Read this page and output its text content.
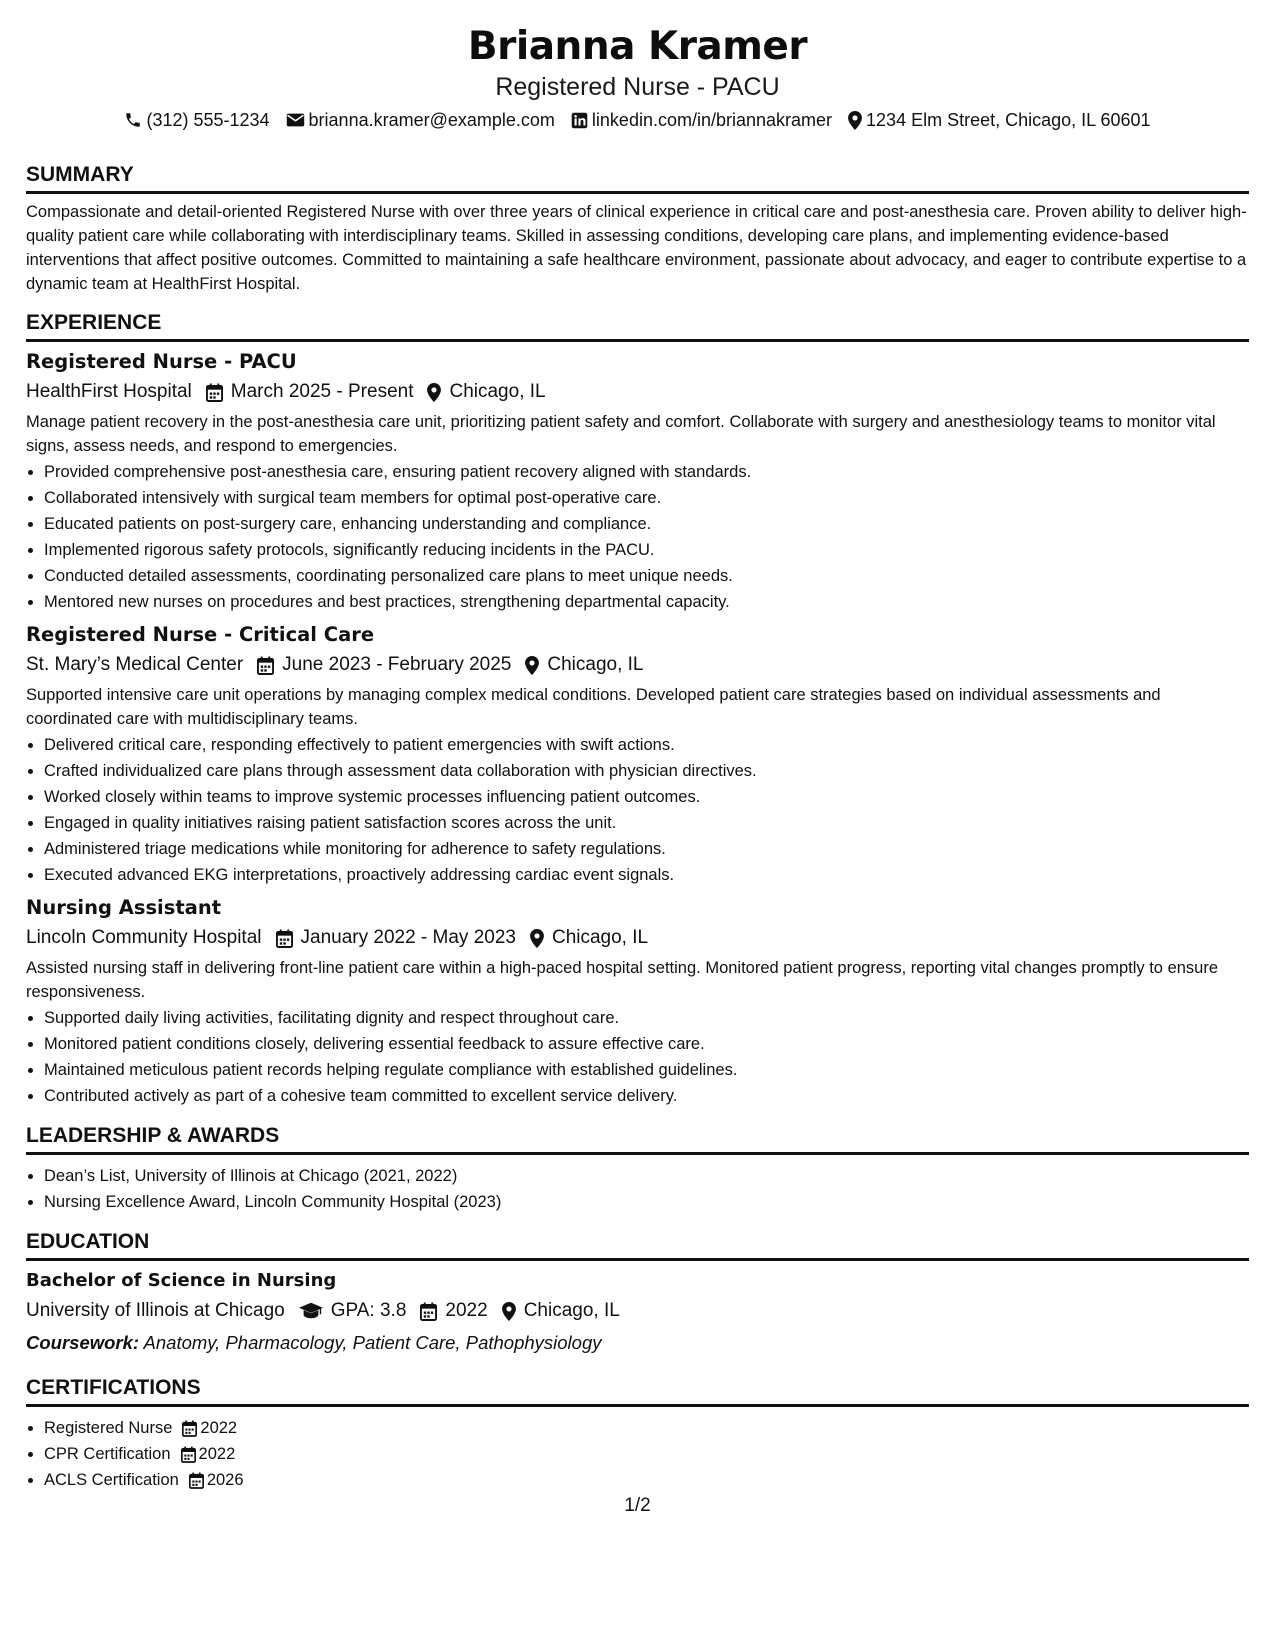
Brianna Kramer
Registered Nurse - PACU
(312) 555-1234 brianna.kramer@example.com linkedin.com/in/briannakramer 1234 Elm Street, Chicago, IL 60601
SUMMARY

Compassionate and detail-oriented Registered Nurse with over three years of clinical experience in critical care and post-anesthesia care. Proven ability to deliver high-quality patient care while collaborating with interdisciplinary teams. Skilled in assessing conditions, developing care plans, and implementing evidence-based interventions that affect positive outcomes. Committed to maintaining a safe healthcare environment, passionate about advocacy, and eager to contribute expertise to a dynamic team at HealthFirst Hospital.

EXPERIENCE
Registered Nurse - PACU
HealthFirst Hospital March 2025 - Present Chicago, IL

Manage patient recovery in the post-anesthesia care unit, prioritizing patient safety and comfort. Collaborate with surgery and anesthesiology teams to monitor vital signs, assess needs, and respond to emergencies.

• Provided comprehensive post-anesthesia care, ensuring patient recovery aligned with standards.
• Collaborated intensively with surgical team members for optimal post-operative care.
• Educated patients on post-surgery care, enhancing understanding and compliance.
• Implemented rigorous safety protocols, significantly reducing incidents in the PACU.
• Conducted detailed assessments, coordinating personalized care plans to meet unique needs.
• Mentored new nurses on procedures and best practices, strengthening departmental capacity.
Registered Nurse - Critical Care
St. Mary’s Medical Center June 2023 - February 2025 Chicago, IL

Supported intensive care unit operations by managing complex medical conditions. Developed patient care strategies based on individual assessments and coordinated care with multidisciplinary teams.

• Delivered critical care, responding effectively to patient emergencies with swift actions.
• Crafted individualized care plans through assessment data collaboration with physician directives.
• Worked closely within teams to improve systemic processes influencing patient outcomes.
• Engaged in quality initiatives raising patient satisfaction scores across the unit.
• Administered triage medications while monitoring for adherence to safety regulations.
• Executed advanced EKG interpretations, proactively addressing cardiac event signals.
Nursing Assistant
Lincoln Community Hospital January 2022 - May 2023 Chicago, IL

Assisted nursing staff in delivering front-line patient care within a high-paced hospital setting. Monitored patient progress, reporting vital changes promptly to ensure responsiveness.

• Supported daily living activities, facilitating dignity and respect throughout care.
• Monitored patient conditions closely, delivering essential feedback to assure effective care.
• Maintained meticulous patient records helping regulate compliance with established guidelines.
• Contributed actively as part of a cohesive team committed to excellent service delivery.
LEADERSHIP & AWARDS
• Dean’s List, University of Illinois at Chicago (2021, 2022)
• Nursing Excellence Award, Lincoln Community Hospital (2023)
EDUCATION
Bachelor of Science in Nursing
University of Illinois at Chicago GPA: 3.8 2022 Chicago, IL
Coursework: Anatomy, Pharmacology, Patient Care, Pathophysiology
CERTIFICATIONS
• Registered Nurse 2022
• CPR Certification 2022
• ACLS Certification 2026
1/2
